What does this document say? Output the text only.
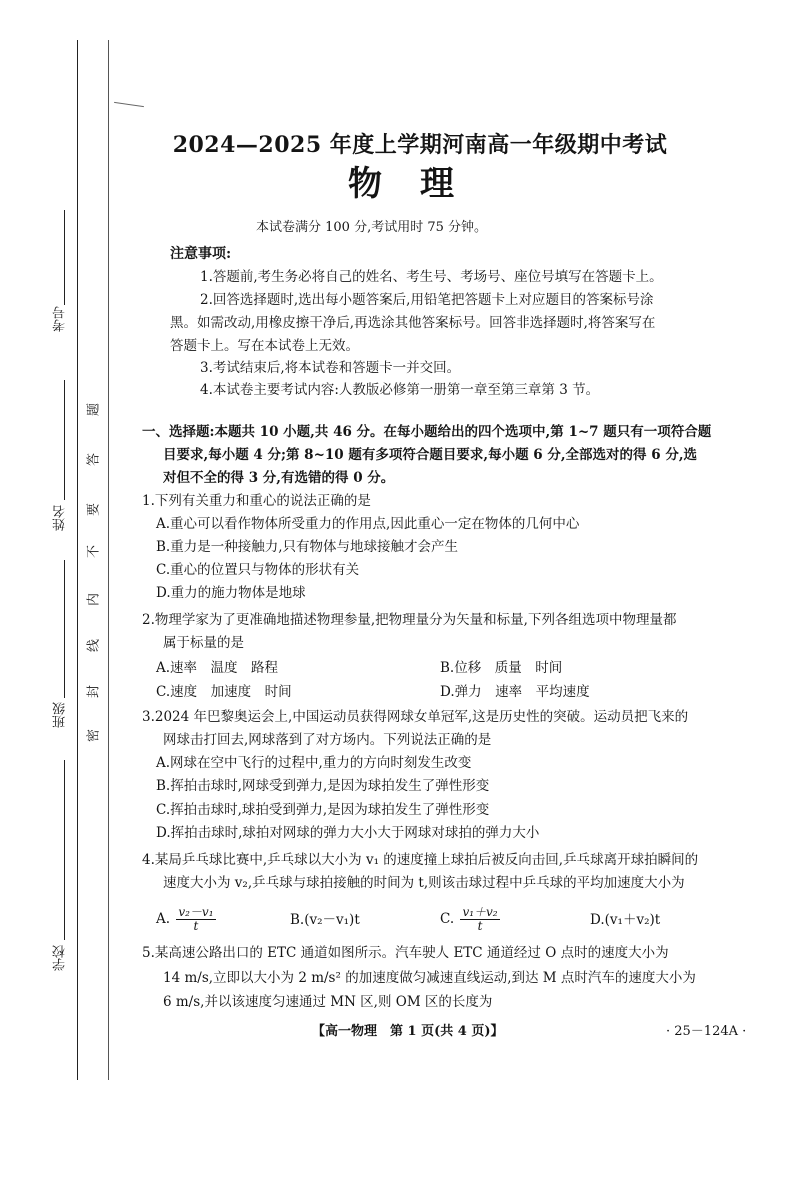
考号
姓名
班级
学校
题
答
要
不
内
线
封
密
2024—2025 年度上学期河南高一年级期中考试
物理
本试卷满分 100 分,考试用时 75 分钟。
注意事项:
1.答题前,考生务必将自己的姓名、考生号、考场号、座位号填写在答题卡上。
2.回答选择题时,选出每小题答案后,用铅笔把答题卡上对应题目的答案标号涂
黑。如需改动,用橡皮擦干净后,再选涂其他答案标号。回答非选择题时,将答案写在
答题卡上。写在本试卷上无效。
3.考试结束后,将本试卷和答题卡一并交回。
4.本试卷主要考试内容:人教版必修第一册第一章至第三章第 3 节。
一、选择题:本题共 10 小题,共 46 分。在每小题给出的四个选项中,第 1~7 题只有一项符合题
目要求,每小题 4 分;第 8~10 题有多项符合题目要求,每小题 6 分,全部选对的得 6 分,选
对但不全的得 3 分,有选错的得 0 分。
1.下列有关重力和重心的说法正确的是
A.重心可以看作物体所受重力的作用点,因此重心一定在物体的几何中心
B.重力是一种接触力,只有物体与地球接触才会产生
C.重心的位置只与物体的形状有关
D.重力的施力物体是地球
2.物理学家为了更准确地描述物理参量,把物理量分为矢量和标量,下列各组选项中物理量都
属于标量的是
A.速率　温度　路程	B.位移　质量　时间
C.速度　加速度　时间	D.弹力　速率　平均速度
3.2024 年巴黎奥运会上,中国运动员获得网球女单冠军,这是历史性的突破。运动员把飞来的
网球击打回去,网球落到了对方场内。下列说法正确的是
A.网球在空中飞行的过程中,重力的方向时刻发生改变
B.挥拍击球时,网球受到弹力,是因为球拍发生了弹性形变
C.挥拍击球时,球拍受到弹力,是因为球拍发生了弹性形变
D.挥拍击球时,球拍对网球的弹力大小大于网球对球拍的弹力大小
4.某局乒乓球比赛中,乒乓球以大小为 v₁ 的速度撞上球拍后被反向击回,乒乓球离开球拍瞬间的
速度大小为 v₂,乒乓球与球拍接触的时间为 t,则该击球过程中乒乓球的平均加速度大小为
A. $\frac{\text{v₂－v₁}}{t}$	B.(v₂－v₁)t	C. $\frac{\text{v₁＋v₂}}{t}$	D.(v₁＋v₂)t
5.某高速公路出口的 ETC 通道如图所示。汽车驶人 ETC 通道经过 O 点时的速度大小为
14 m/s,立即以大小为 2 m/s² 的加速度做匀减速直线运动,到达 M 点时汽车的速度大小为
6 m/s,并以该速度匀速通过 MN 区,则 OM 区的长度为
【高一物理　第 1 页(共 4 页)】	· 25－124A ·
